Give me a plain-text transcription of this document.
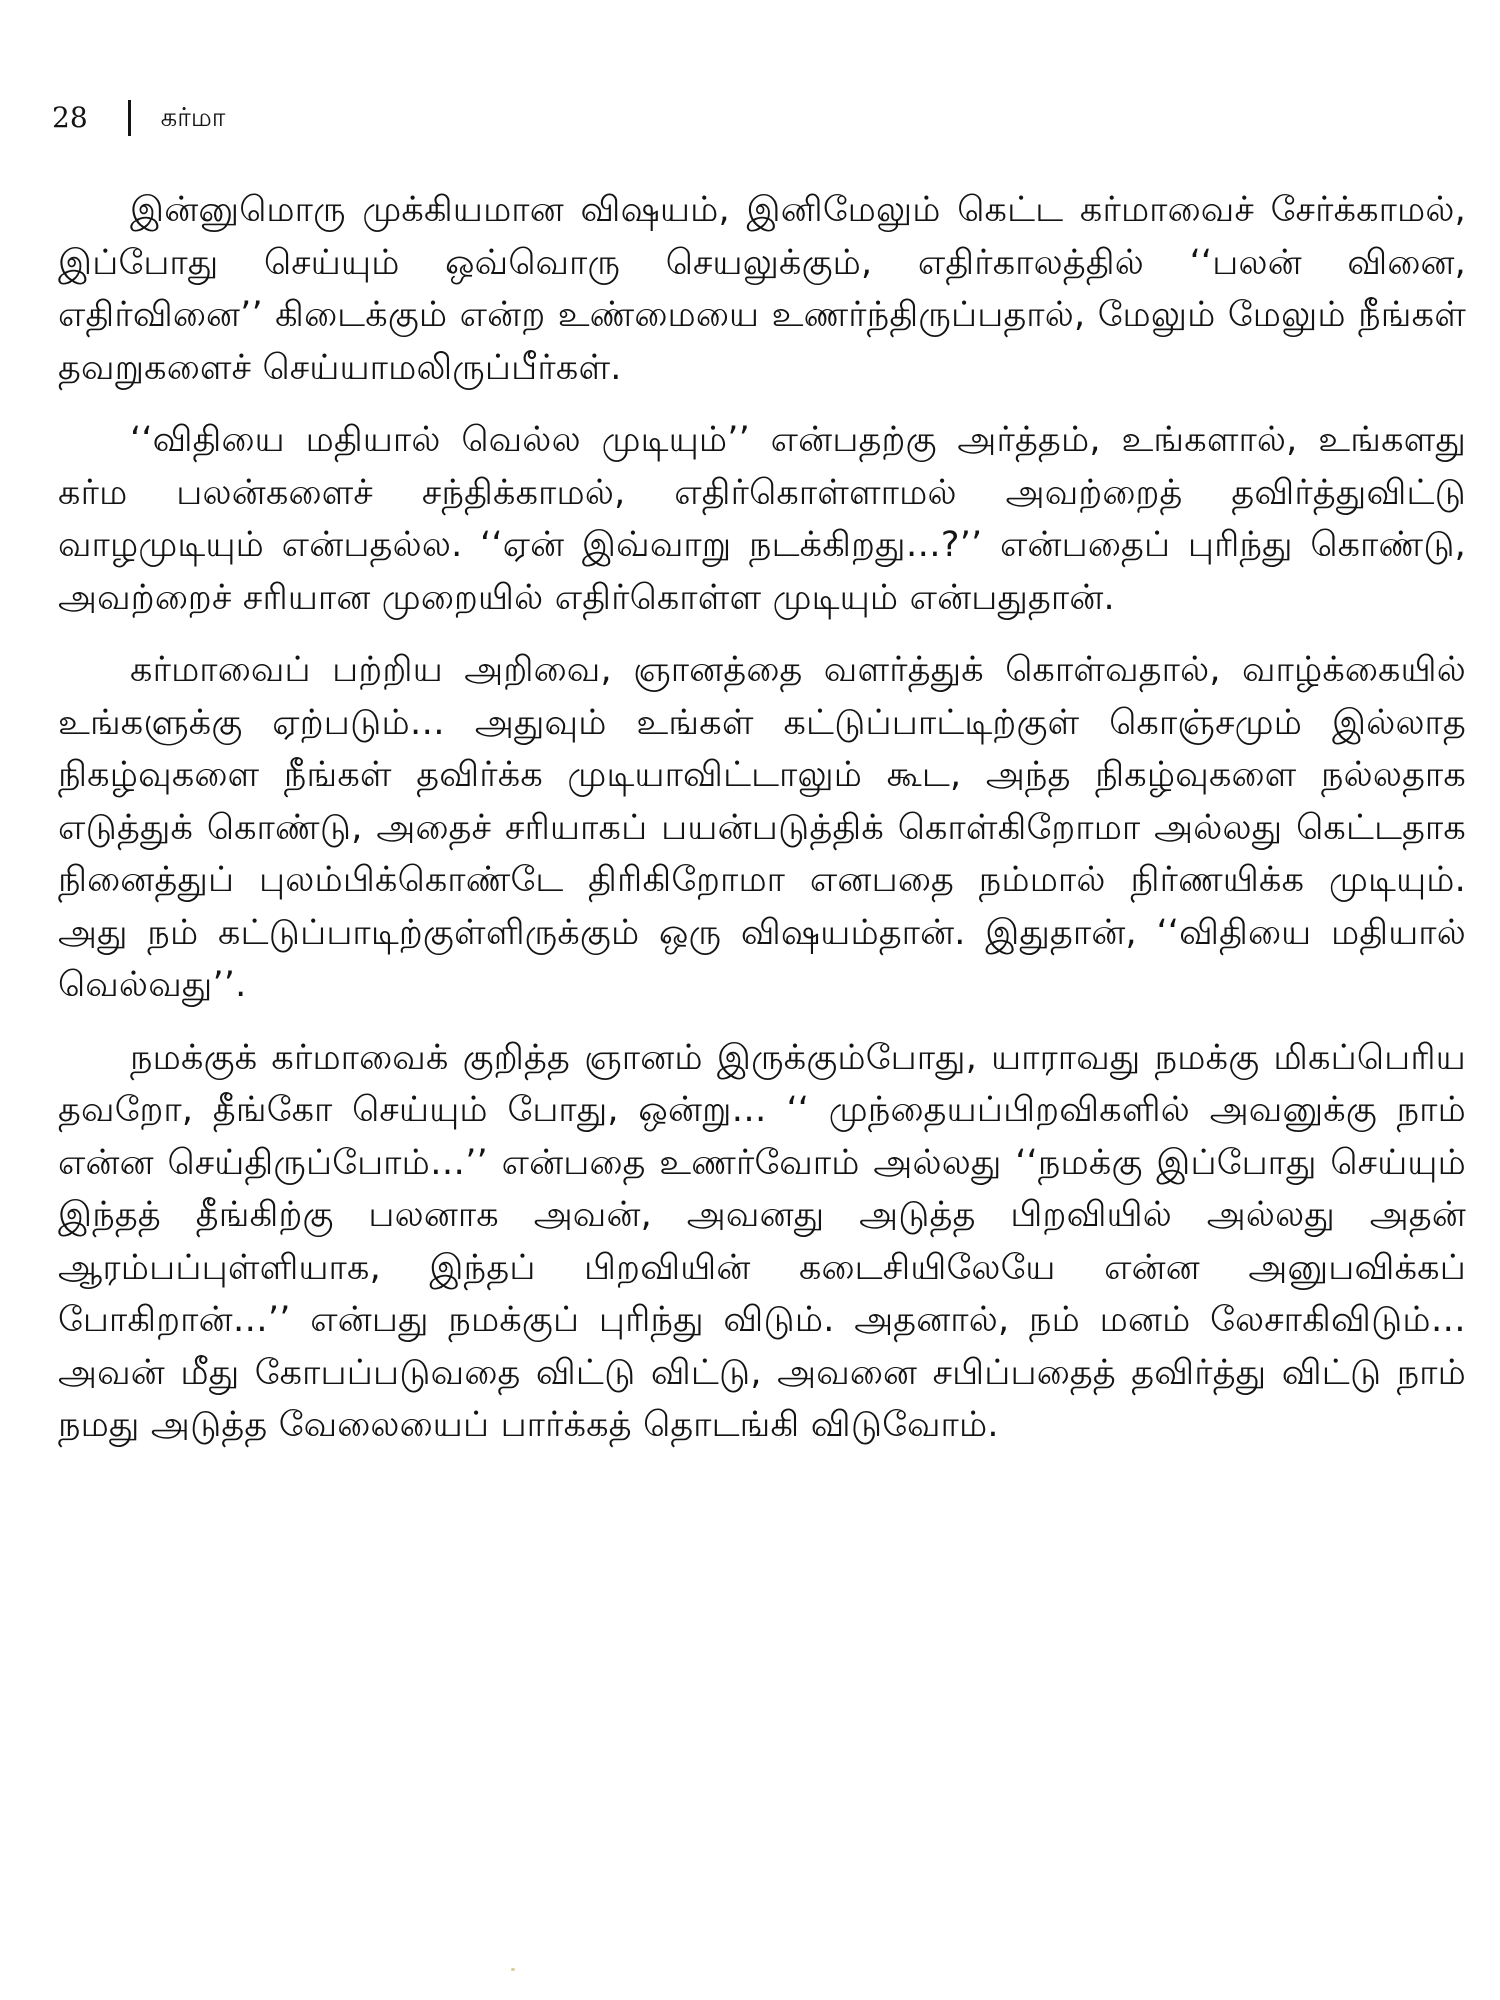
28	கர்மா

இன்னுமொரு முக்கியமான விஷயம், இனிமேலும் கெட்ட கர்மாவைச் சேர்க்காமல், இப்போது செய்யும் ஒவ்வொரு செயலுக்கும், எதிர்காலத்தில் ‘‘பலன் வினை, எதிர்வினை’’ கிடைக்கும் என்ற உண்மையை உணர்ந்திருப்பதால், மேலும் மேலும் நீங்கள் தவறுகளைச் செய்யாமலிருப்பீர்கள்.

‘‘விதியை மதியால் வெல்ல முடியும்’’ என்பதற்கு அர்த்தம், உங்களால், உங்களது கர்ம பலன்களைச் சந்திக்காமல், எதிர்கொள்ளாமல் அவற்றைத் தவிர்த்துவிட்டு வாழமுடியும் என்பதல்ல. ‘‘ஏன் இவ்வாறு நடக்கிறது…?’’ என்பதைப் புரிந்து கொண்டு, அவற்றைச் சரியான முறையில் எதிர்கொள்ள முடியும் என்பதுதான்.

கர்மாவைப் பற்றிய அறிவை, ஞானத்தை வளர்த்துக் கொள்வதால், வாழ்க்கையில் உங்களுக்கு ஏற்படும்… அதுவும் உங்கள் கட்டுப்பாட்டிற்குள் கொஞ்சமும் இல்லாத நிகழ்வுகளை நீங்கள் தவிர்க்க முடியாவிட்டாலும் கூட, அந்த நிகழ்வுகளை நல்லதாக எடுத்துக் கொண்டு, அதைச் சரியாகப் பயன்படுத்திக் கொள்கிறோமா அல்லது கெட்டதாக நினைத்துப் புலம்பிக்கொண்டே திரிகிறோமா எனபதை நம்மால் நிர்ணயிக்க முடியும். அது நம் கட்டுப்பாடிற்குள்ளிருக்கும் ஒரு விஷயம்தான். இதுதான், ‘‘விதியை மதியால் வெல்வது’’.

நமக்குக் கர்மாவைக் குறித்த ஞானம் இருக்கும்போது, யாராவது நமக்கு மிகப்பெரிய தவறோ, தீங்கோ செய்யும் போது, ஒன்று… ‘‘ முந்தையப்பிறவிகளில் அவனுக்கு நாம் என்ன செய்திருப்போம்…’’ என்பதை உணர்வோம் அல்லது ‘‘நமக்கு இப்போது செய்யும் இந்தத் தீங்கிற்கு பலனாக அவன், அவனது அடுத்த பிறவியில் அல்லது அதன் ஆரம்பப்புள்ளியாக, இந்தப் பிறவியின் கடைசியிலேயே என்ன அனுபவிக்கப் போகிறான்…’’ என்பது நமக்குப் புரிந்து விடும். அதனால், நம் மனம் லேசாகிவிடும்… அவன் மீது கோபப்படுவதை விட்டு விட்டு, அவனை சபிப்பதைத் தவிர்த்து விட்டு நாம் நமது அடுத்த வேலையைப் பார்க்கத் தொடங்கி விடுவோம்.
